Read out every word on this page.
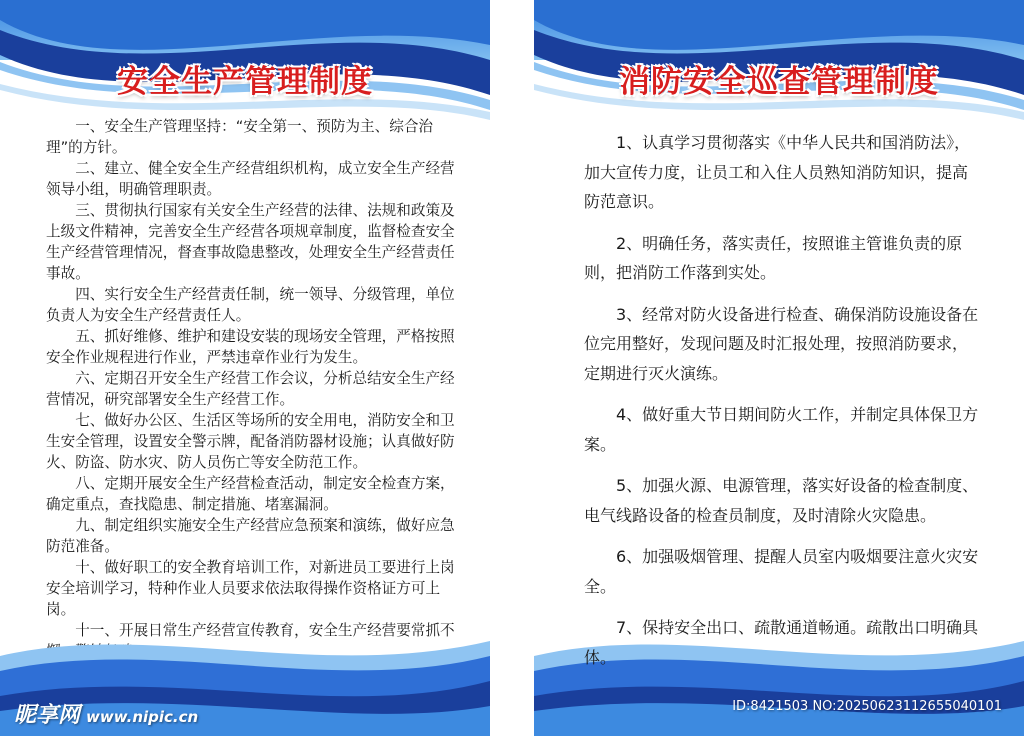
安全生产管理制度
一、安全生产管理坚持：“安全第一、预防为主、综合治理”的方针。
二、建立、健全安全生产经营组织机构，成立安全生产经营领导小组，明确管理职责。
三、贯彻执行国家有关安全生产经营的法律、法规和政策及上级文件精神，完善安全生产经营各项规章制度，监督检查安全生产经营管理情况，督查事故隐患整改，处理安全生产经营责任事故。
四、实行安全生产经营责任制，统一领导、分级管理，单位负责人为安全生产经营责任人。
五、抓好维修、维护和建设安装的现场安全管理，严格按照安全作业规程进行作业，严禁违章作业行为发生。
六、定期召开安全生产经营工作会议，分析总结安全生产经营情况，研究部署安全生产经营工作。
七、做好办公区、生活区等场所的安全用电，消防安全和卫生安全管理，设置安全警示牌，配备消防器材设施；认真做好防火、防盗、防水灾、防人员伤亡等安全防范工作。
八、定期开展安全生产经营检查活动，制定安全检查方案，确定重点，查找隐患、制定措施、堵塞漏洞。
九、制定组织实施安全生产经营应急预案和演练，做好应急防范准备。
十、做好职工的安全教育培训工作，对新进员工要进行上岗安全培训学习，特种作业人员要求依法取得操作资格证方可上岗。
十一、开展日常生产经营宣传教育，安全生产经营要常抓不
消防安全巡查管理制度
1、认真学习贯彻落实《中华人民共和国消防法》，加大宣传力度，让员工和入住人员熟知消防知识，提高防范意识。
2、明确任务，落实责任，按照谁主管谁负责的原则，把消防工作落到实处。
3、经常对防火设备进行检查、确保消防设施设备在位完用整好，发现问题及时汇报处理，按照消防要求，定期进行灭火演练。
4、做好重大节日期间防火工作，并制定具体保卫方案。
5、加强火源、电源管理，落实好设备的检查制度、电气线路设备的检查员制度，及时清除火灾隐患。
6、加强吸烟管理、提醒人员室内吸烟要注意火灾安全。
7、保持安全出口、疏散通道畅通。疏散出口明确具体。
昵享网 www.nipic.cn
ID:8421503 NO:20250623112655040101
